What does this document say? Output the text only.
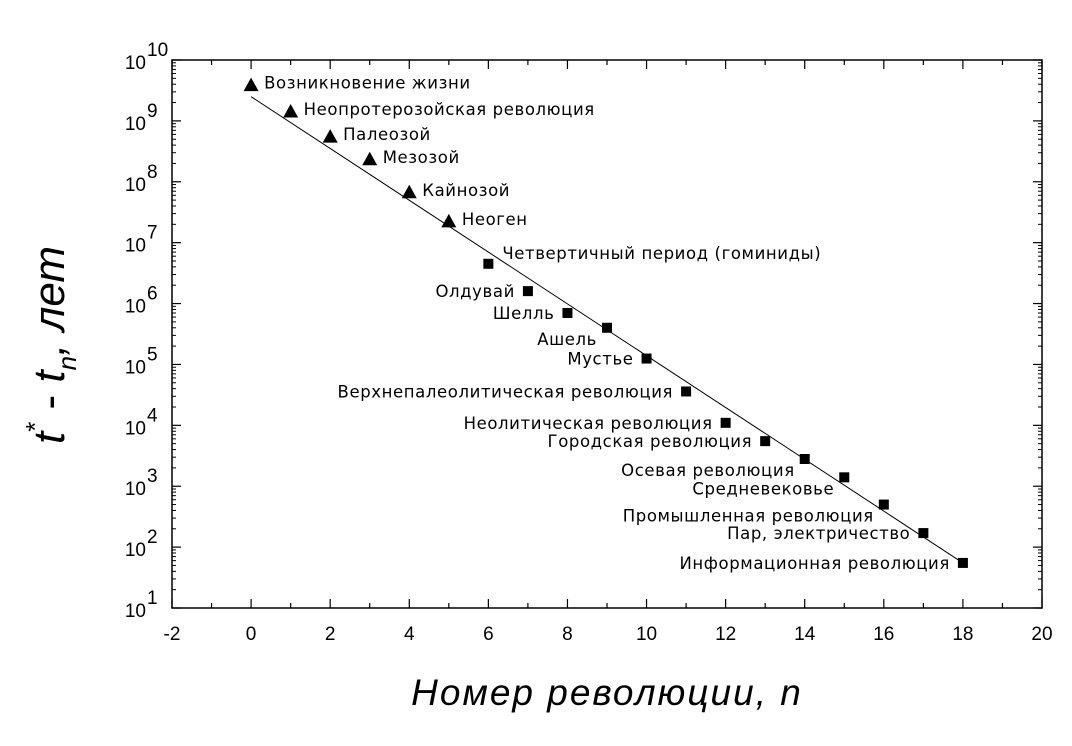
-2	0	2	4	6	8	10	12	14	16	18	20
10
1
10
2
10
3
10
4
10
5
10
6
10
7
10
8
10
9
10
10
Возникновение жизни
Неопротерозойская революция
Палеозой
Мезозой
Кайнозой
Неоген
Четвертичный период (гоминиды)
Олдувай
Шелль
Ашель
Мустье
Верхнепалеолитическая революция
Неолитическая революция
Городская революция
Осевая революция
Средневековье
Промышленная революция
Пар, электричество
Информационная революция
Номер революции, n
$t^* - t_n$, лет
